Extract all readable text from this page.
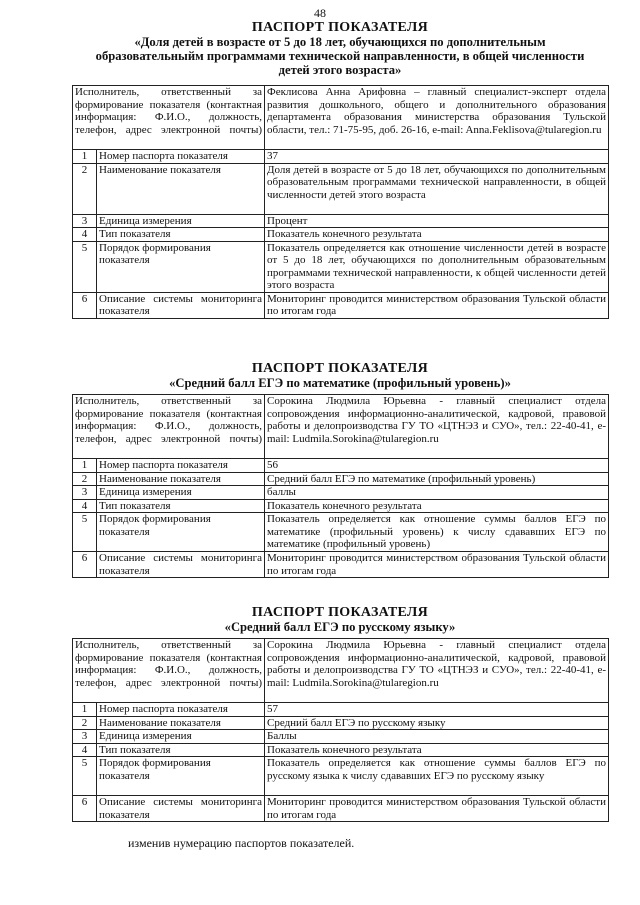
48
ПАСПОРТ ПОКАЗАТЕЛЯ
«Доля детей в возрасте от 5 до 18 лет, обучающихся по дополнительным образовательныйм программами технической направленности, в общей численности детей этого возраста»
Исполнитель, ответственный за формирование показателя (контактная информация: Ф.И.О., должность, телефон, адрес электронной почты)		Феклисова Анна Арифовна – главный специалист-эксперт отдела развития дошкольного, общего и дополнительного образования департамента образования министерства образования Тульской области, тел.: 71-75-95, доб. 26-16, e-mail: Anna.Feklisova@tularegion.ru
1	Номер паспорта показателя	37
2	Наименование показателя	Доля детей в возрасте от 5 до 18 лет, обучающихся по дополнительным образовательным программами технической направленности, в общей численности детей этого возраста
3	Единица измерения	Процент
4	Тип показателя	Показатель конечного результата
5	Порядок формирования показателя	Показатель определяется как отношение численности детей в возрасте от 5 до 18 лет, обучающихся по дополнительным образовательным программами технической направленности, к общей численности детей этого возраста
6	Описание системы мониторинга показателя	Мониторинг проводится министерством образования Тульской области по итогам года
ПАСПОРТ ПОКАЗАТЕЛЯ
«Средний балл ЕГЭ по математике (профильный уровень)»
Исполнитель, ответственный за формирование показателя (контактная информация: Ф.И.О., должность, телефон, адрес электронной почты)		Сорокина Людмила Юрьевна - главный специалист отдела сопровождения информационно-аналитической, кадровой, правовой работы и делопроизводства ГУ ТО «ЦТНЭЗ и СУО», тел.: 22-40-41, e-mail: Ludmila.Sorokina@tularegion.ru
1	Номер паспорта показателя	56
2	Наименование показателя	Средний балл ЕГЭ по математике (профильный уровень)
3	Единица измерения	баллы
4	Тип показателя	Показатель конечного результата
5	Порядок формирования показателя	Показатель определяется как отношение суммы баллов ЕГЭ по математике (профильный уровень) к числу сдававших ЕГЭ по математике (профильный уровень)
6	Описание системы мониторинга показателя	Мониторинг проводится министерством образования Тульской области по итогам года
ПАСПОРТ ПОКАЗАТЕЛЯ
«Средний балл ЕГЭ по русскому языку»
Исполнитель, ответственный за формирование показателя (контактная информация: Ф.И.О., должность, телефон, адрес электронной почты)		Сорокина Людмила Юрьевна - главный специалист отдела сопровождения информационно-аналитической, кадровой, правовой работы и делопроизводства ГУ ТО «ЦТНЭЗ и СУО», тел.: 22-40-41, e-mail: Ludmila.Sorokina@tularegion.ru
1	Номер паспорта показателя	57
2	Наименование показателя	Средний балл ЕГЭ по русскому языку
3	Единица измерения	Баллы
4	Тип показателя	Показатель конечного результата
5	Порядок формирования показателя	Показатель определяется как отношение суммы баллов ЕГЭ по русскому языка к числу сдававших ЕГЭ по русскому языку
6	Описание системы мониторинга показателя	Мониторинг проводится министерством образования Тульской области по итогам года
изменив нумерацию паспортов показателей.
